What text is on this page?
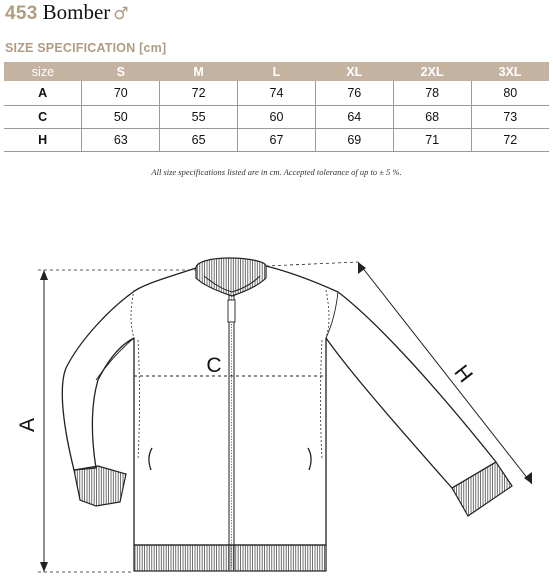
453 Bomber ♂
SIZE SPECIFICATION [cm]
size	S	M	L	XL	2XL	3XL
A	70	72	74	76	78	80
C	50	55	60	64	68	73
H	63	65	67	69	71	72
All size specifications listed are in cm. Accepted tolerance of up to ± 5 %.
A
C	H
